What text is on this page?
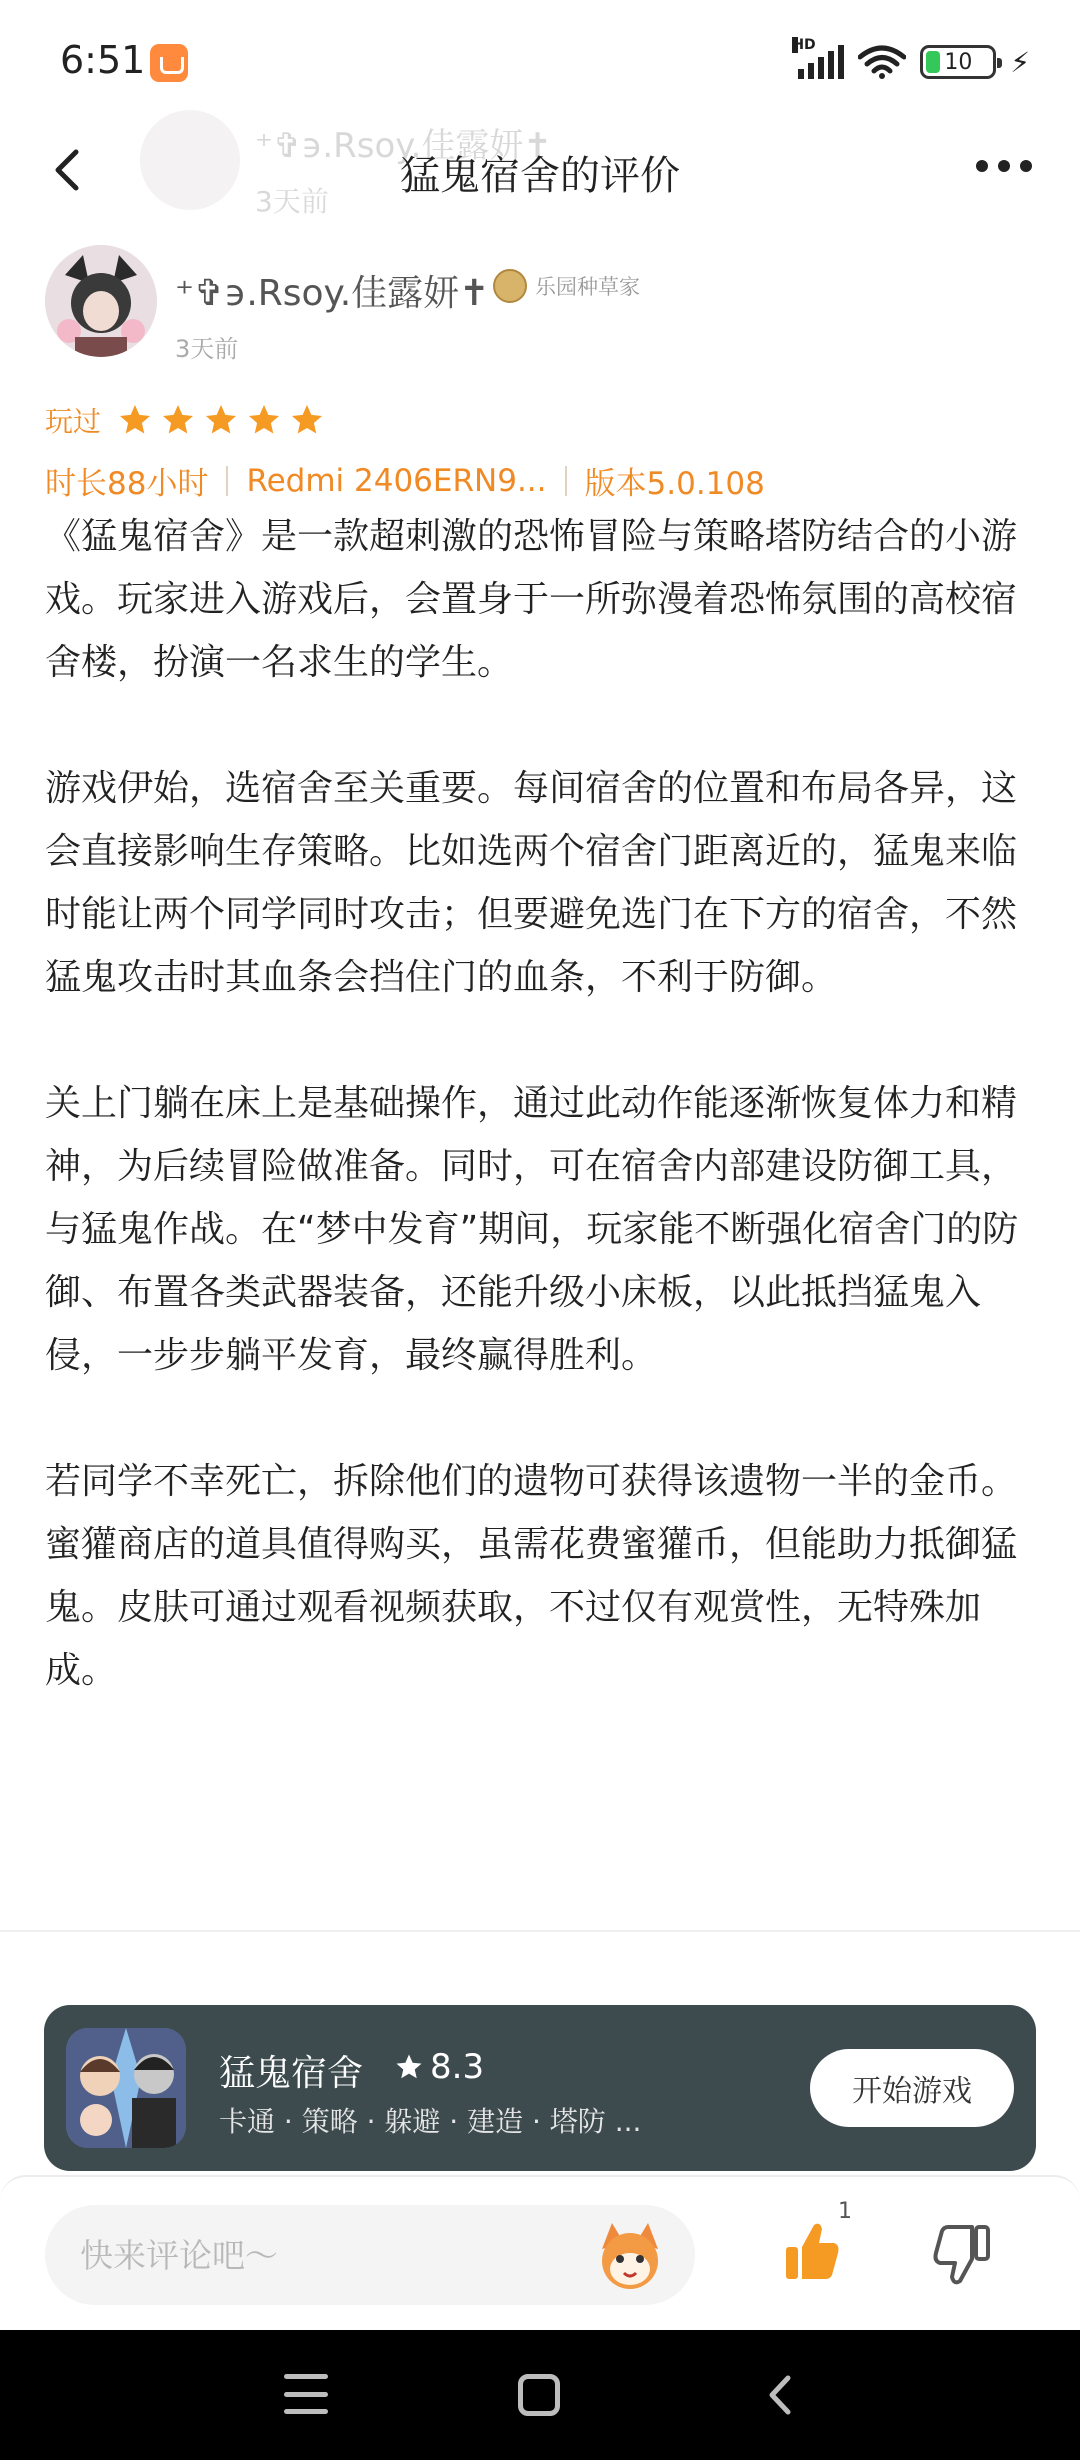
6:51	HD
10 ⚡
⁺✞϶.Rsoy.佳露妍✝
3天前
猛鬼宿舍的评价
⁺✞϶.Rsoy.佳露妍✝ 乐园种草家
3天前
玩过
时长88小时 Redmi 2406ERN9... 版本5.0.108

《猛鬼宿舍》是一款超刺激的恐怖冒险与策略塔防结合的小游戏。玩家进入游戏后，会置身于一所弥漫着恐怖氛围的高校宿舍楼，扮演一名求生的学生。

游戏伊始，选宿舍至关重要。每间宿舍的位置和布局各异，这会直接影响生存策略。比如选两个宿舍门距离近的，猛鬼来临时能让两个同学同时攻击；但要避免选门在下方的宿舍，不然猛鬼攻击时其血条会挡住门的血条，不利于防御。

关上门躺在床上是基础操作，通过此动作能逐渐恢复体力和精神，为后续冒险做准备。同时，可在宿舍内部建设防御工具，与猛鬼作战。在“梦中发育”期间，玩家能不断强化宿舍门的防御、布置各类武器装备，还能升级小床板，以此抵挡猛鬼入侵，一步步躺平发育，最终赢得胜利。

若同学不幸死亡，拆除他们的遗物可获得该遗物一半的金币。蜜獾商店的道具值得购买，虽需花费蜜獾币，但能助力抵御猛鬼。皮肤可通过观看视频获取，不过仅有观赏性，无特殊加成。

猛鬼宿舍 8.3
卡通 · 策略 · 躲避 · 建造 · 塔防 ...
开始游戏
快来评论吧～
1
